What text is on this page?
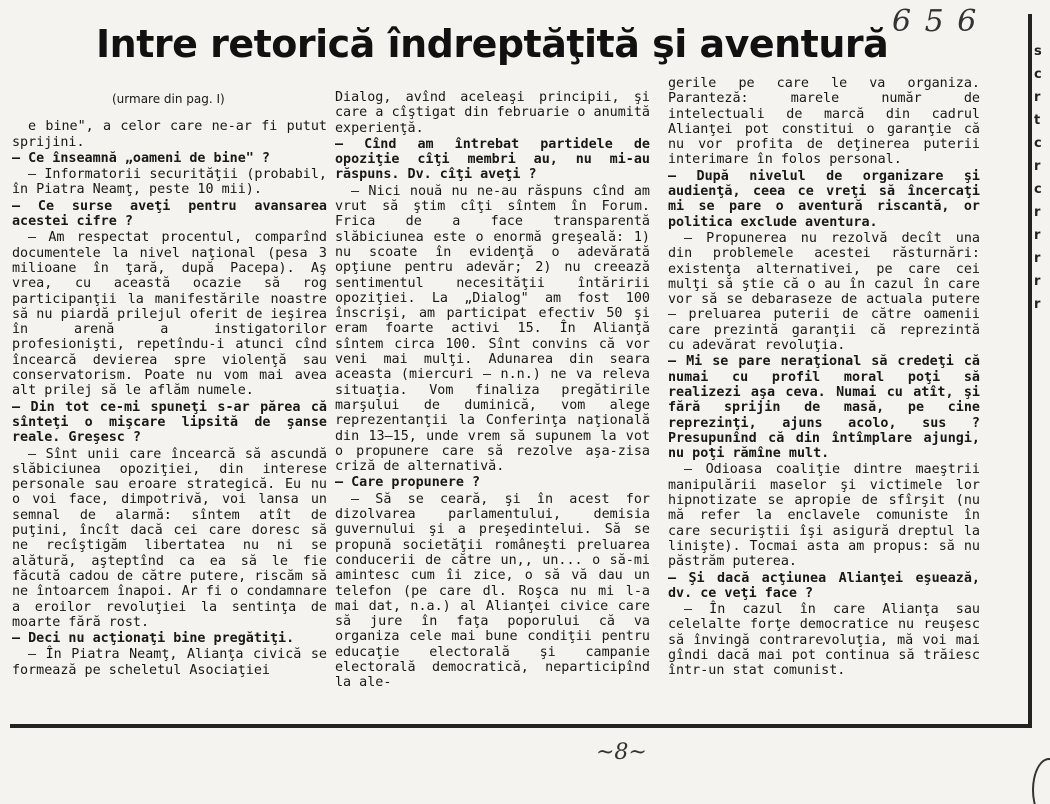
Intre retorică îndreptăţită şi aventură
6 5 6
s
c
r
t
c
r
c
r
r
r
r
r

(urmare din pag. I)

e bine", a celor care ne-ar fi putut sprijini.

— Ce înseamnă „oameni de bine" ?

— Informatorii securităţii (probabil, în Piatra Neamţ, peste 10 mii).

— Ce surse aveţi pentru avansarea acestei cifre ?

— Am respectat procentul, comparînd documentele la nivel naţional (pesa 3 milioane în ţară, după Pacepa). Aş vrea, cu această ocazie să rog participanţii la manifestările noastre să nu piardă prilejul oferit de ieşirea în arenă a instigatorilor profesionişti, repetîndu-i atunci cînd încearcă devierea spre violenţă sau conservatorism. Poate nu vom mai avea alt prilej să le aflăm numele.

— Din tot ce-mi spuneţi s-ar părea că sînteţi o mişcare lipsită de şanse reale. Greşesc ?

— Sînt unii care încearcă să ascundă slăbiciunea opoziţiei, din interese personale sau eroare strategică. Eu nu o voi face, dimpotrivă, voi lansa un semnal de alarmă: sîntem atît de puţini, încît dacă cei care doresc să ne recîştigăm libertatea nu ni se alătură, aşteptînd ca ea să le fie făcută cadou de către putere, riscăm să ne întoarcem înapoi. Ar fi o condamnare a eroilor revoluţiei la sentinţa de moarte fără rost.

— Deci nu acţionaţi bine pregătiţi.

— În Piatra Neamţ, Alianţa civică se formează pe scheletul Asociaţiei

Dialog, avînd aceleaşi principii, şi care a cîştigat din februarie o anumită experienţă.

— Cînd am întrebat partidele de opoziţie cîţi membri au, nu mi-au răspuns. Dv. cîţi aveţi ?

— Nici nouă nu ne-au răspuns cînd am vrut să ştim cîţi sîntem în Forum. Frica de a face transparentă slăbiciunea este o enormă greşeală: 1) nu scoate în evidenţă o adevărată opţiune pentru adevăr; 2) nu creează sentimentul necesităţii întăririi opoziţiei. La „Dialog" am fost 100 înscrişi, am participat efectiv 50 şi eram foarte activi 15. În Alianţă sîntem circa 100. Sînt convins că vor veni mai mulţi. Adunarea din seara aceasta (miercuri — n.n.) ne va releva situaţia. Vom finaliza pregătirile marşului de duminică, vom alege reprezentanţii la Conferinţa naţională din 13—15, unde vrem să supunem la vot o propunere care să rezolve aşa-zisa criză de alternativă.

— Care propunere ?

— Să se ceară, şi în acest for dizolvarea parlamentului, demisia guvernului şi a preşedintelui. Să se propună societăţii româneşti preluarea conducerii de către un,, un... o să-mi amintesc cum îi zice, o să vă dau un telefon (pe care dl. Roşca nu mi l-a mai dat, n.a.) al Alianţei civice care să jure în faţa poporului că va organiza cele mai bune condiţii pentru educaţie electorală şi campanie electorală democratică, neparticipînd la ale-

gerile pe care le va organiza. Paranteză: marele număr de intelectuali de marcă din cadrul Alianţei pot constitui o garanţie că nu vor profita de deţinerea puterii interimare în folos personal.

— După nivelul de organizare şi audienţă, ceea ce vreţi să încercaţi mi se pare o aventură riscantă, or politica exclude aventura.

— Propunerea nu rezolvă decît una din problemele acestei răsturnări: existenţa alternativei, pe care cei mulţi să ştie că o au în cazul în care vor să se debaraseze de actuala putere — preluarea puterii de către oamenii care prezintă garanţii că reprezintă cu adevărat revoluţia.

— Mi se pare neraţional să credeţi că numai cu profil moral poţi să realizezi aşa ceva. Numai cu atît, şi fără sprijin de masă, pe cine reprezinţi, ajuns acolo, sus ? Presupunînd că din întîmplare ajungi, nu poţi rămîne mult.

— Odioasa coaliţie dintre maeştrii manipulării maselor şi victimele lor hipnotizate se apropie de sfîrşit (nu mă refer la enclavele comuniste în care securiştii îşi asigură dreptul la linişte). Tocmai asta am propus: să nu păstrăm puterea.

— Şi dacă acţiunea Alianţei eşuează, dv. ce veţi face ?

— În cazul în care Alianţa sau celelalte forţe democratice nu reuşesc să învingă contrarevoluţia, mă voi mai gîndi dacă mai pot continua să trăiesc într-un stat comunist.

~8~
